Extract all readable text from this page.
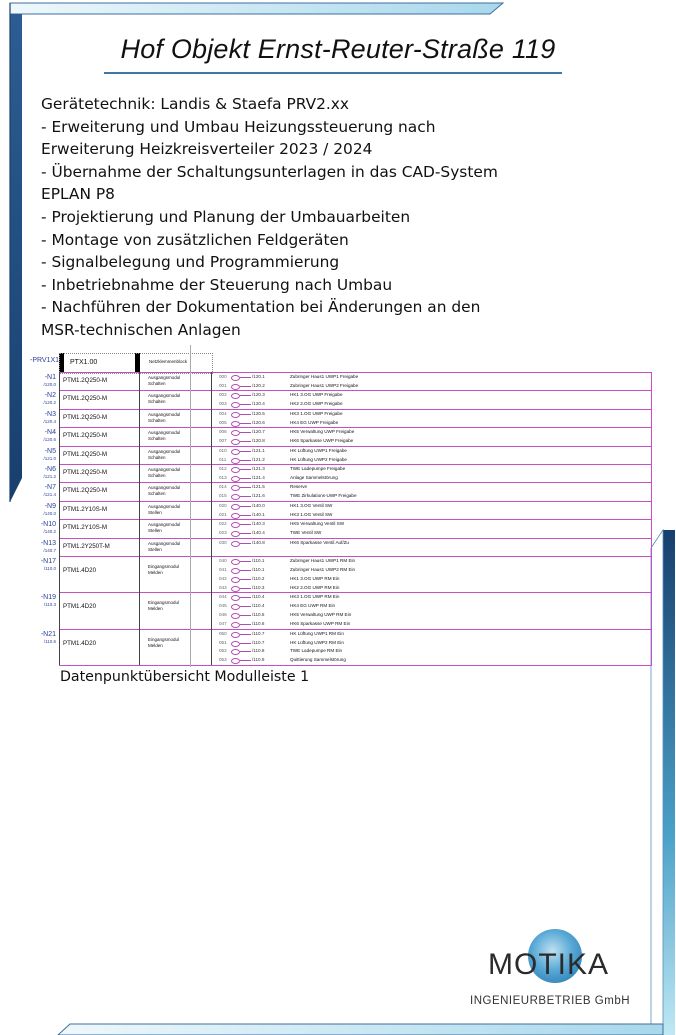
Hof Objekt Ernst-Reuter-Straße 119
Gerätetechnik: Landis & Staefa PRV2.xx
- Erweiterung und Umbau Heizungssteuerung nach
Erweiterung Heizkreisverteiler 2023 / 2024
- Übernahme der Schaltungsunterlagen in das CAD-System
EPLAN P8
- Projektierung und Planung der Umbauarbeiten
- Montage von zusätzlichen Feldgeräten
- Signalbelegung und Programmierung
- Inbetriebnahme der Steuerung nach Umbau
- Nachführen der Dokumentation bei Änderungen an den
MSR-technischen Anlagen
-PRV1X1 PTX1.00	Netzklemmenblock
-N1
/120.0
PTM1.2Q250-M	Ausgangsmodul
Schalten
000	/120.1	Zubringer Haus1 UWP1 Freigabe
001	/120.2	Zubringer Haus1 UWP2 Freigabe
-N2
/120.2
PTM1.2Q250-M	Ausgangsmodul
Schalten
002	/120.3	HK1 3.OG UWP Freigabe
003	/120.4	HK2 2.OG UWP Freigabe
-N3
/120.4
PTM1.2Q250-M	Ausgangsmodul
Schalten
004	/120.5	HK3 1.OG UWP Freigabe
005	/120.6	HK4 EG UWP Freigabe
-N4
/120.6
PTM1.2Q250-M	Ausgangsmodul
Schalten
006	/120.7	HK5 Verwaltung UWP Freigabe
007	/120.8	HK6 Sparkasse UWP Freigabe
-N5
/121.0
PTM1.2Q250-M	Ausgangsmodul
Schalten
010	/121.1	HK Lüftung UWP1 Freigabe
011	/121.2	HK Lüftung UWP2 Freigabe
-N6
/121.2
PTM1.2Q250-M	Ausgangsmodul
Schalten
012	/121.3	TWE Ladepumpe Freigabe
013	/121.4	Anlage Sammelstörung
-N7
/121.4
PTM1.2Q250-M	Ausgangsmodul
Schalten
014	/121.5	Reserve
015	/121.6	TWE Zirkulations-UWP Freigabe
-N9
/140.0
PTM1.2Y10S-M	Ausgangsmodul
Stellen
020	/140.0	HK1 3.OG Ventil SW
021	/140.1	HK3 1.OG Ventil SW
-N10
/140.2
PTM1.2Y10S-M	Ausgangsmodul
Stellen
022	/140.3	HK5 Verwaltung Ventil SW
023	/140.4	TWE Ventil SW
-N13
/140.7
PTM1.2Y250T-M	Ausgangsmodul
Stellen
030	/140.8	HK6 Sparkasse Ventil Auf/Zu
-N17
/110.0 PTM1.4D20
Eingangsmodul
Melden
040	/110.1	Zubringer Haus1 UWP1 RM Ein
041	/110.1	Zubringer Haus1 UWP2 RM Ein
042	/110.2	HK1 3.OG UWP RM Ein
043	/110.3	HK2 2.OG UWP RM Ein
-N19
/110.3 PTM1.4D20
Eingangsmodul
Melden
044	/110.4	HK3 1.OG UWP RM Ein
045	/110.4	HK4 EG UWP RM Ein
046	/110.5	HK5 Verwaltung UWP RM Ein
047	/110.6	HK6 Sparkasse UWP RM Ein
-N21
/110.6 PTM1.4D20
Eingangsmodul
Melden
050	/110.7	HK Lüftung UWP1 RM Ein
051	/110.7	HK Lüftung UWP2 RM Ein
052	/110.8	TWE Ladepumpe RM Ein
053	/110.9	Quittierung Sammelstörung
Datenpunktübersicht Modulleiste 1
MOTIKA
INGENIEURBETRIEB GmbH
